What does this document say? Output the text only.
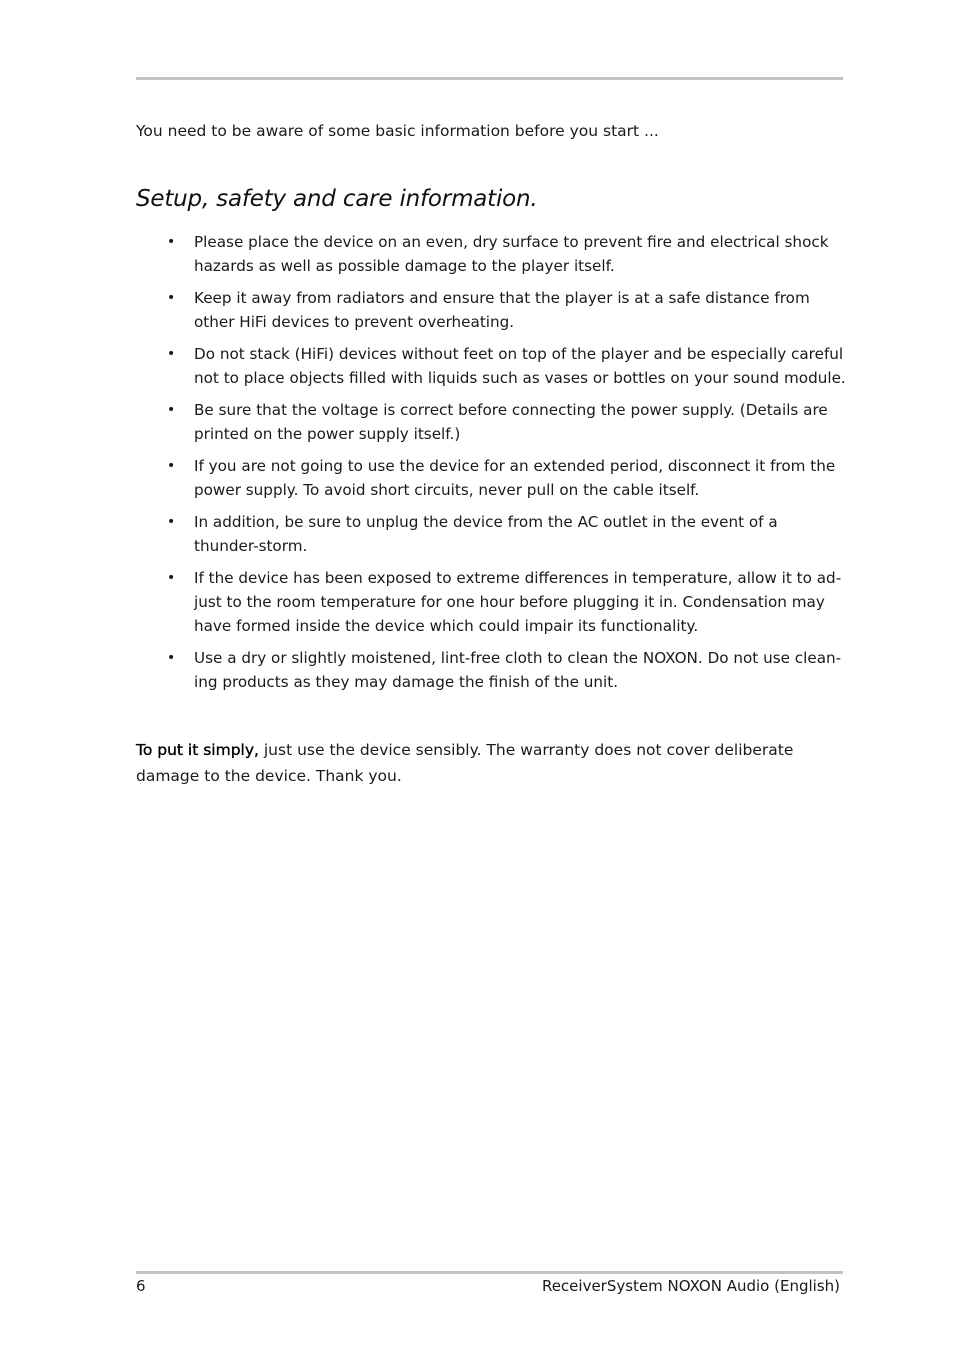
You need to be aware of some basic information before you start ...

Setup, safety and care information.
• Please place the device on an even, dry surface to prevent fire and electrical shock hazards as well as possible damage to the player itself.
• Keep it away from radiators and ensure that the player is at a safe distance from other HiFi devices to prevent overheating.
• Do not stack (HiFi) devices without feet on top of the player and be especially careful not to place objects filled with liquids such as vases or bottles on your sound module.
• Be sure that the voltage is correct before connecting the power supply. (Details are printed on the power supply itself.)
• If you are not going to use the device for an extended period, disconnect it from the power supply. To avoid short circuits, never pull on the cable itself.
• In addition, be sure to unplug the device from the AC outlet in the event of a thunder-storm.
• If the device has been exposed to extreme differences in temperature, allow it to ad-just to the room temperature for one hour before plugging it in. Condensation may have formed inside the device which could impair its functionality.
• Use a dry or slightly moistened, lint-free cloth to clean the NOXON. Do not use clean-ing products as they may damage the finish of the unit.

To put it simply, just use the device sensibly. The warranty does not cover deliberate damage to the device. Thank you.

6	ReceiverSystem NOXON Audio (English)
